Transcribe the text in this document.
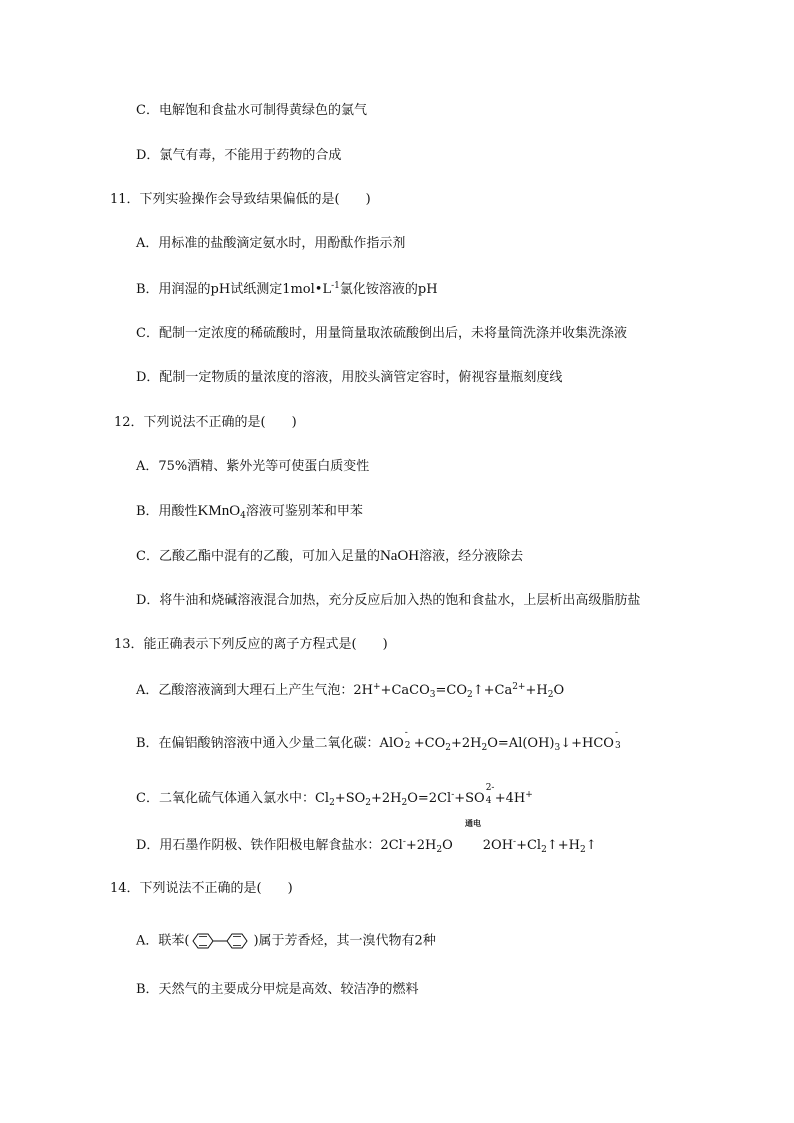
C．电解饱和食盐水可制得黄绿色的氯气
D．氯气有毒，不能用于药物的合成
11．下列实验操作会导致结果偏低的是(　　)
A．用标准的盐酸滴定氨水时，用酚酞作指示剂
B．用润湿的pH试纸测定$1mol•L^{-1}$氯化铵溶液的pH
C．配制一定浓度的稀硫酸时，用量筒量取浓硫酸倒出后，未将量筒洗涤并收集洗涤液
D．配制一定物质的量浓度的溶液，用胶头滴管定容时，俯视容量瓶刻度线
12．下列说法不正确的是(　　)
A．75%酒精、紫外光等可使蛋白质变性
B．用酸性KMnO$_4$溶液可鉴别苯和甲苯
C．乙酸乙酯中混有的乙酸，可加入足量的NaOH溶液，经分液除去
D．将牛油和烧碱溶液混合加热，充分反应后加入热的饱和食盐水，上层析出高级脂肪盐
13．能正确表示下列反应的离子方程式是(　　)
A．乙酸溶液滴到大理石上产生气泡：$2H^++CaCO_3=CO_2↑+Ca^{2+}+H_2O$
B．在偏铝酸钠溶液中通入少量二氧化碳：AlO
-
$2 +CO_2+2H_2O=Al(OH)_3↓+HCO$
-
3
C．二氧化硫气体通入氯水中：$Cl_2+SO_2+2H_2O=2Cl^-+SO$
2-
4 +4H+
通电
D．用石墨作阴极、铁作阳极电解食盐水：$2Cl^-+2H_2O$ $2OH^-+Cl_2↑+H_2↑$
14．下列说法不正确的是(　　)
A．联苯(	)属于芳香烃，其一溴代物有2种
B．天然气的主要成分甲烷是高效、较洁净的燃料
